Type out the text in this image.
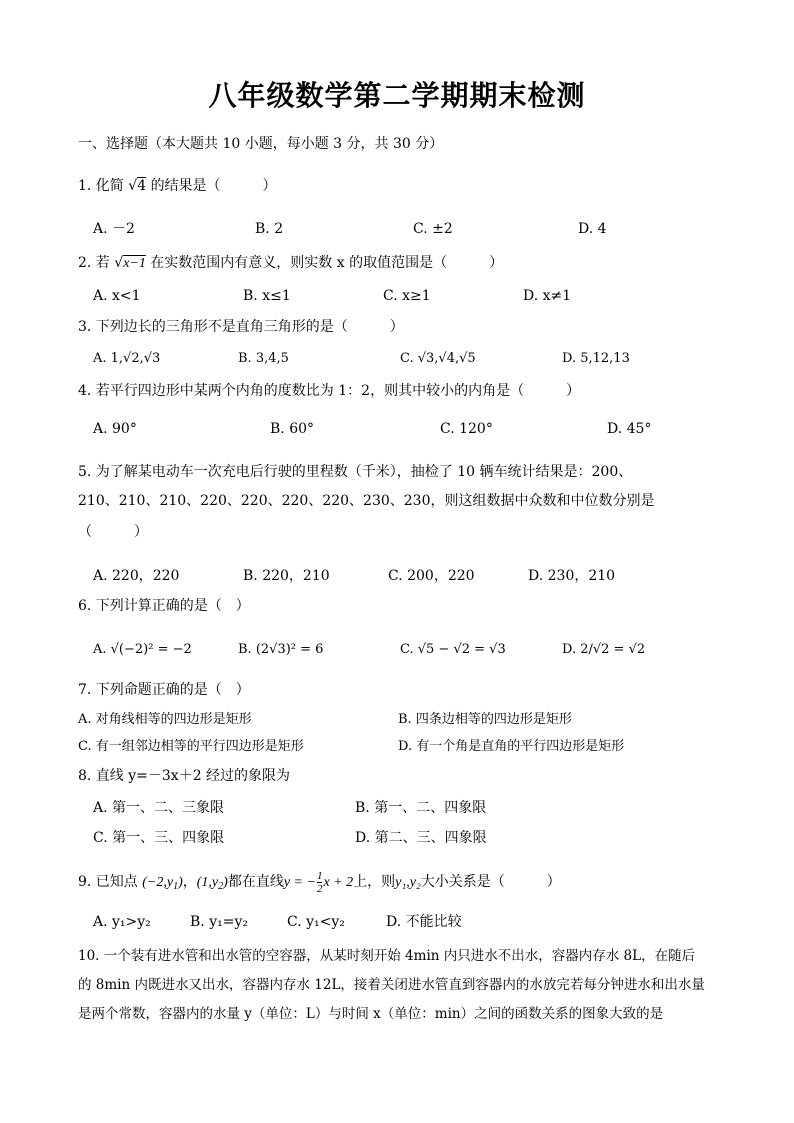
八年级数学第二学期期末检测
一、选择题（本大题共 10 小题，每小题 3 分，共 30 分）
1. 化简 √4 的结果是（　　　）
A. －2	B. 2	C. ±2	D. 4
2. 若 √x−1 在实数范围内有意义，则实数 x 的取值范围是（　　　）
A. x<1	B. x≤1	C. x≥1	D. x≠1
3. 下列边长的三角形不是直角三角形的是（　　　）
A. 1,√2,√3	B. 3,4,5	C. √3,√4,√5	D. 5,12,13
4. 若平行四边形中某两个内角的度数比为 1：2，则其中较小的内角是（　　　）
A. 90°	B. 60°	C. 120°	D. 45°
5. 为了解某电动车一次充电后行驶的里程数（千米），抽检了 10 辆车统计结果是：200、
210、210、210、220、220、220、220、230、230，则这组数据中众数和中位数分别是
（　　　）
A. 220，220	B. 220，210	C. 200，220	D. 230，210
6. 下列计算正确的是（　）
A. √(−2)² = −2	B. (2√3)² = 6	C. √5 − √2 = √3	D. 2/√2 = √2
7. 下列命题正确的是（　）
A. 对角线相等的四边形是矩形	B. 四条边相等的四边形是矩形
C. 有一组邻边相等的平行四边形是矩形	D. 有一个角是直角的平行四边形是矩形
8. 直线 y=－3x＋2 经过的象限为
A. 第一、二、三象限	B. 第一、二、四象限
C. 第一、三、四象限	D. 第二、三、四象限
9. 已知点 $(-2,y_1)$，$(1,y_2)$都在直线y = − $\frac{1}{2}$ x + 2上，则y₁,y₂大小关系是（　　　）
A. y₁>y₂	B. y₁=y₂	C. y₁<y₂	D. 不能比较
10. 一个装有进水管和出水管的空容器，从某时刻开始 4min 内只进水不出水，容器内存水 8L，在随后
的 8min 内既进水又出水，容器内存水 12L，接着关闭进水管直到容器内的水放完若每分钟进水和出水量
是两个常数，容器内的水量 y（单位：L）与时间 x（单位：min）之间的函数关系的图象大致的是
